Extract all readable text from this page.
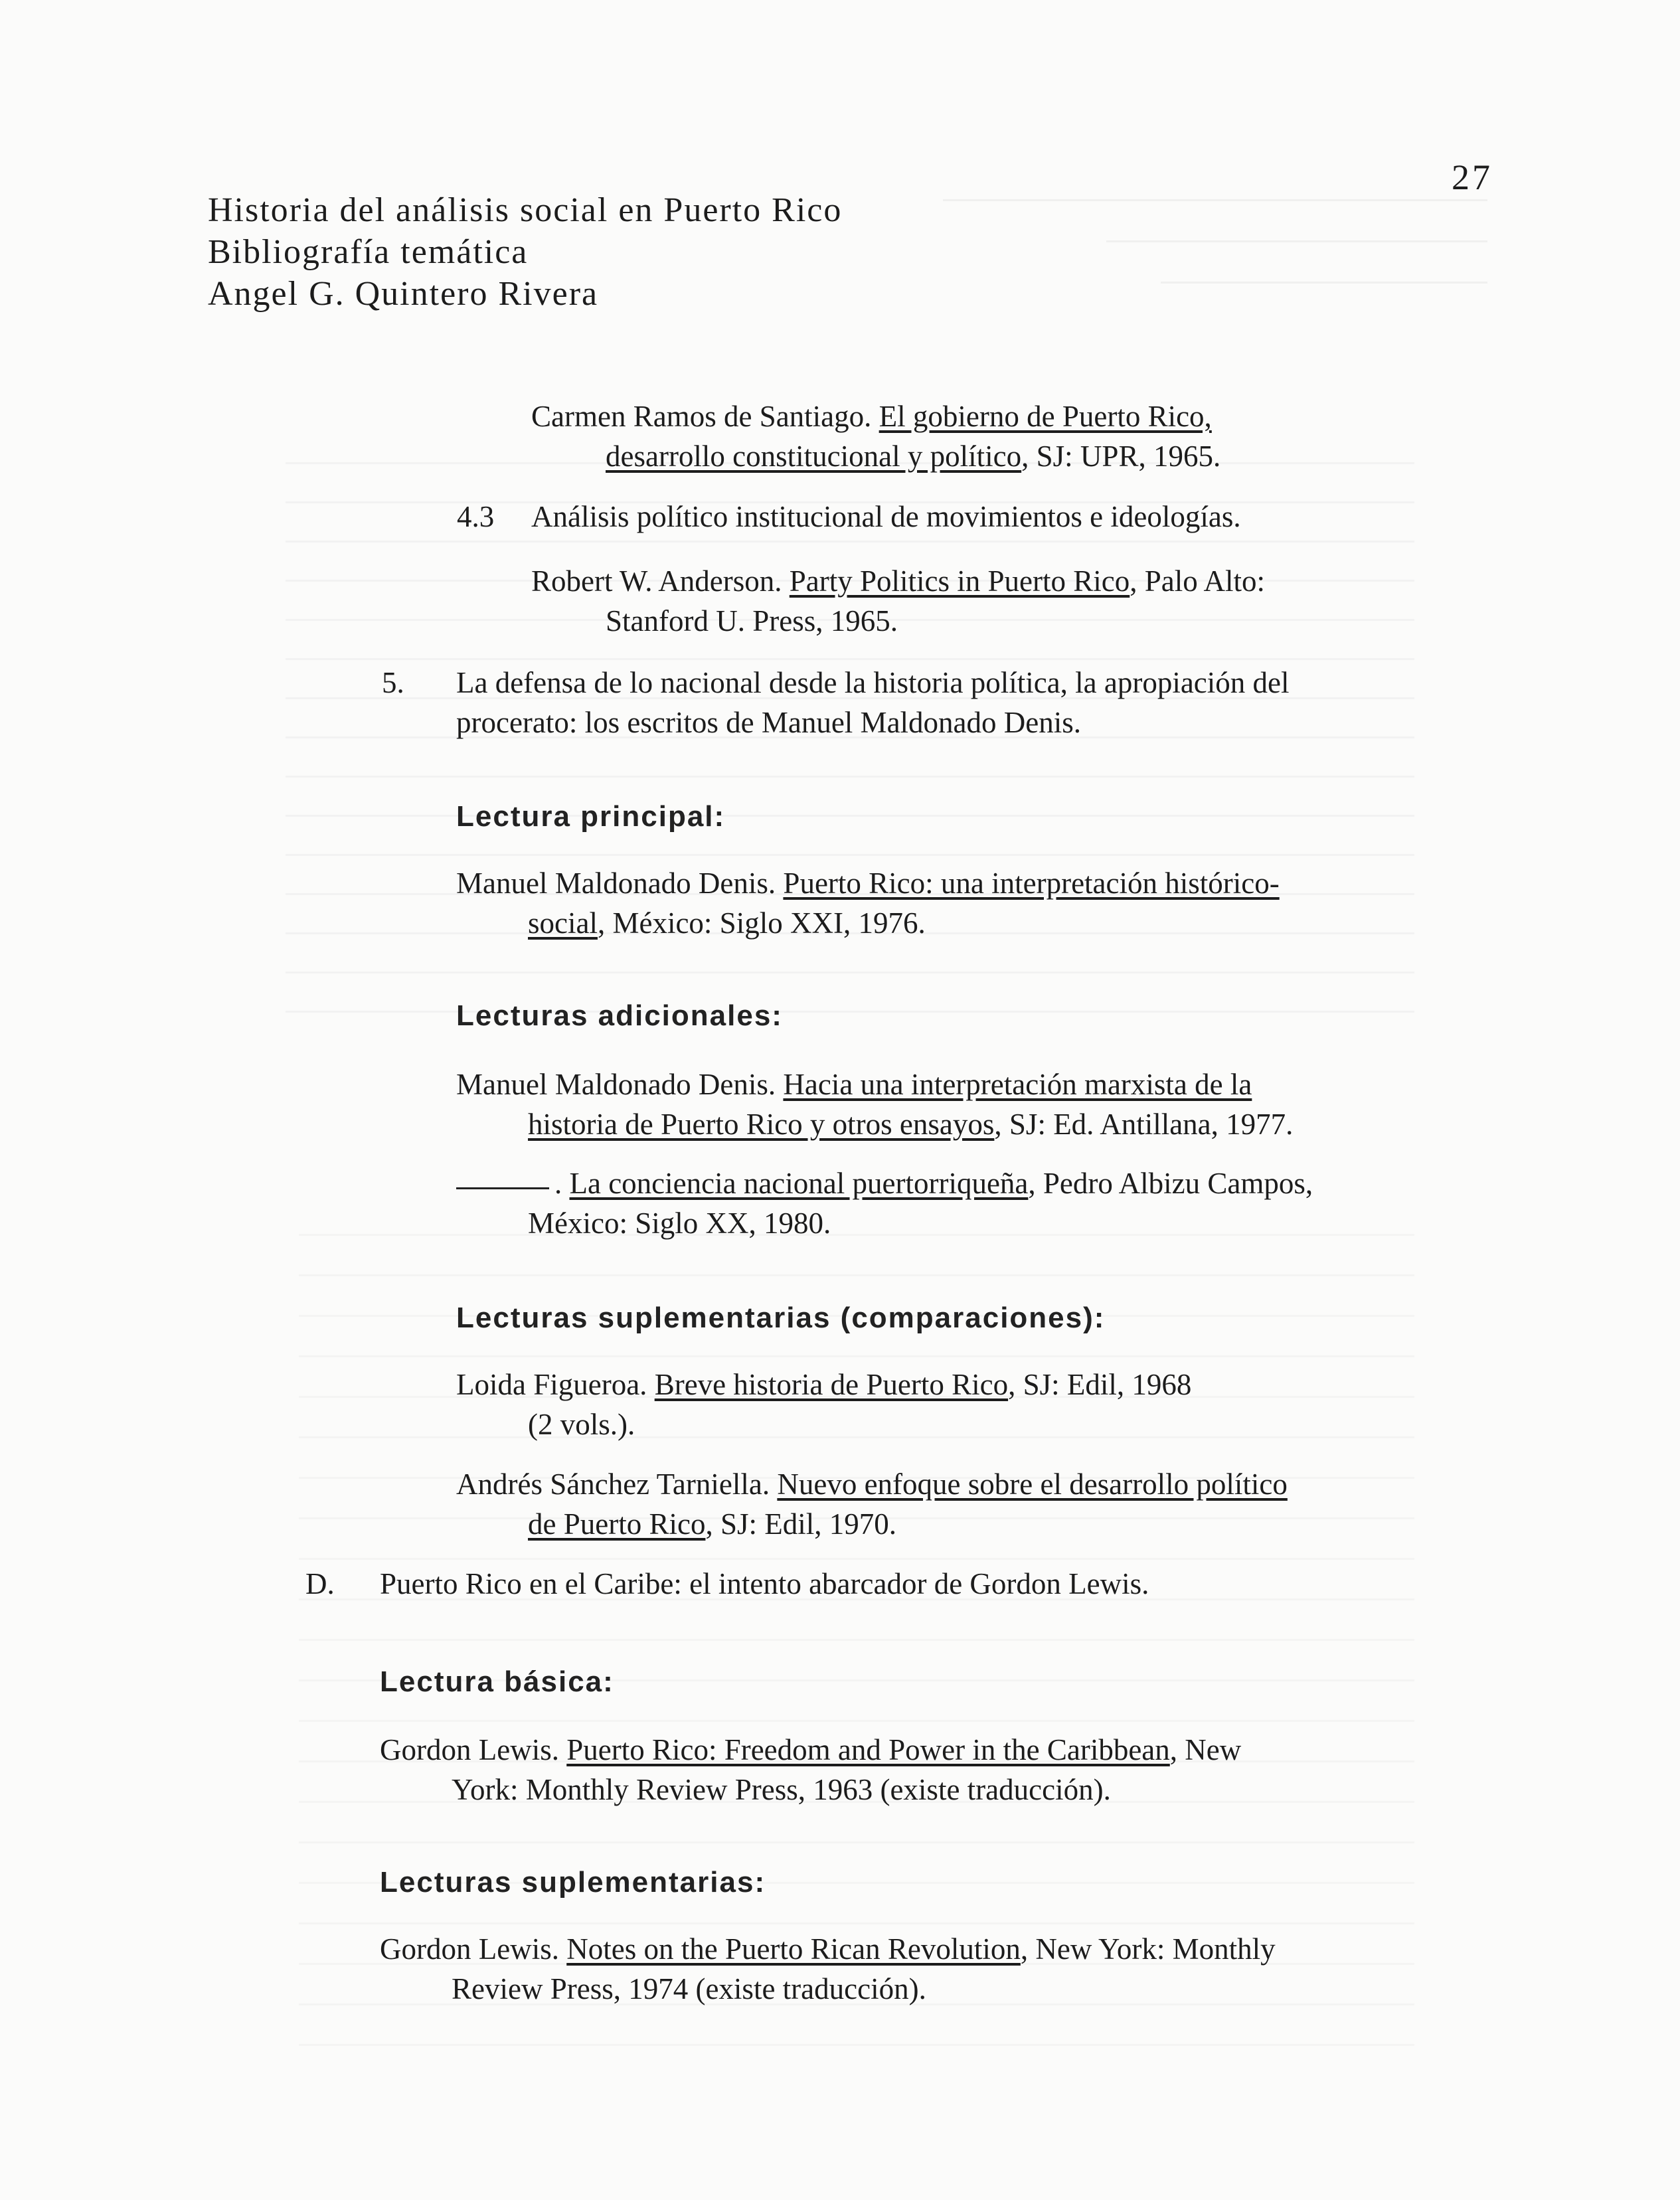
27
Historia del análisis social en Puerto Rico
Bibliografía temática
Angel G. Quintero Rivera
Carmen Ramos de Santiago. El gobierno de Puerto Rico,
desarrollo constitucional y político, SJ: UPR, 1965.
4.3 Análisis político institucional de movimientos e ideologías.
Robert W. Anderson. Party Politics in Puerto Rico, Palo Alto:
Stanford U. Press, 1965.
5. La defensa de lo nacional desde la historia política, la apropiación del
procerato: los escritos de Manuel Maldonado Denis.
Lectura principal:
Manuel Maldonado Denis. Puerto Rico: una interpretación histórico-
social, México: Siglo XXI, 1976.
Lecturas adicionales:
Manuel Maldonado Denis. Hacia una interpretación marxista de la
historia de Puerto Rico y otros ensayos, SJ: Ed. Antillana, 1977.
. La conciencia nacional puertorriqueña, Pedro Albizu Campos,
México: Siglo XX, 1980.
Lecturas suplementarias (comparaciones):
Loida Figueroa. Breve historia de Puerto Rico, SJ: Edil, 1968
(2 vols.).
Andrés Sánchez Tarniella. Nuevo enfoque sobre el desarrollo político
de Puerto Rico, SJ: Edil, 1970.
D. Puerto Rico en el Caribe: el intento abarcador de Gordon Lewis.
Lectura básica:
Gordon Lewis. Puerto Rico: Freedom and Power in the Caribbean, New
York: Monthly Review Press, 1963 (existe traducción).
Lecturas suplementarias:
Gordon Lewis. Notes on the Puerto Rican Revolution, New York: Monthly
Review Press, 1974 (existe traducción).
